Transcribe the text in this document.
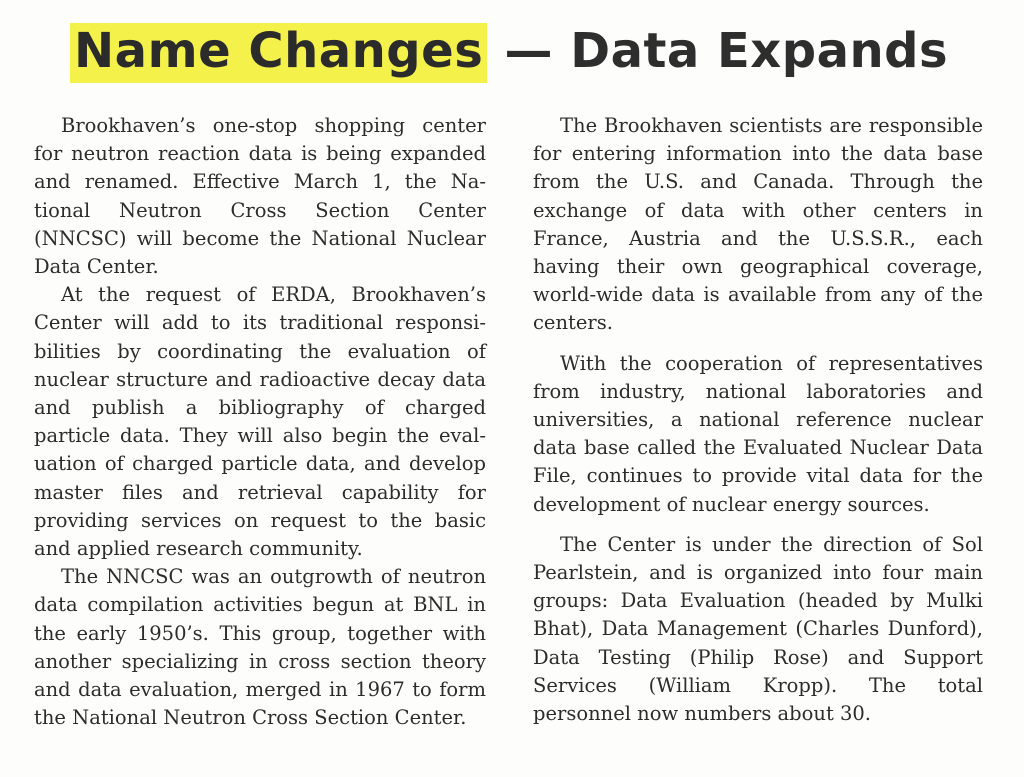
Name Changes — Data Expands

Brookhaven’s one-stop shopping center for neutron reaction data is being expanded and renamed. Effective March 1, the National Neutron Cross Section Center (NNCSC) will become the National Nuclear Data Center.

At the request of ERDA, Brookhaven’s Center will add to its traditional responsibilities by coordinating the evaluation of nuclear structure and radioactive decay data and publish a bibliography of charged particle data. They will also begin the evaluation of charged particle data, and develop master files and retrieval capability for providing services on request to the basic and applied research community.

The NNCSC was an outgrowth of neutron data compilation activities begun at BNL in the early 1950’s. This group, together with another specializing in cross section theory and data evaluation, merged in 1967 to form the National Neutron Cross Section Center.

The Brookhaven scientists are responsible for entering information into the data base from the U.S. and Canada. Through the exchange of data with other centers in France, Austria and the U.S.S.R., each having their own geographical coverage, world-wide data is available from any of the centers.

With the cooperation of representatives from industry, national laboratories and universities, a national reference nuclear data base called the Evaluated Nuclear Data File, continues to provide vital data for the development of nuclear energy sources.

The Center is under the direction of Sol Pearlstein, and is organized into four main groups: Data Evaluation (headed by Mulki Bhat), Data Management (Charles Dunford), Data Testing (Philip Rose) and Support Services (William Kropp). The total personnel now numbers about 30.
